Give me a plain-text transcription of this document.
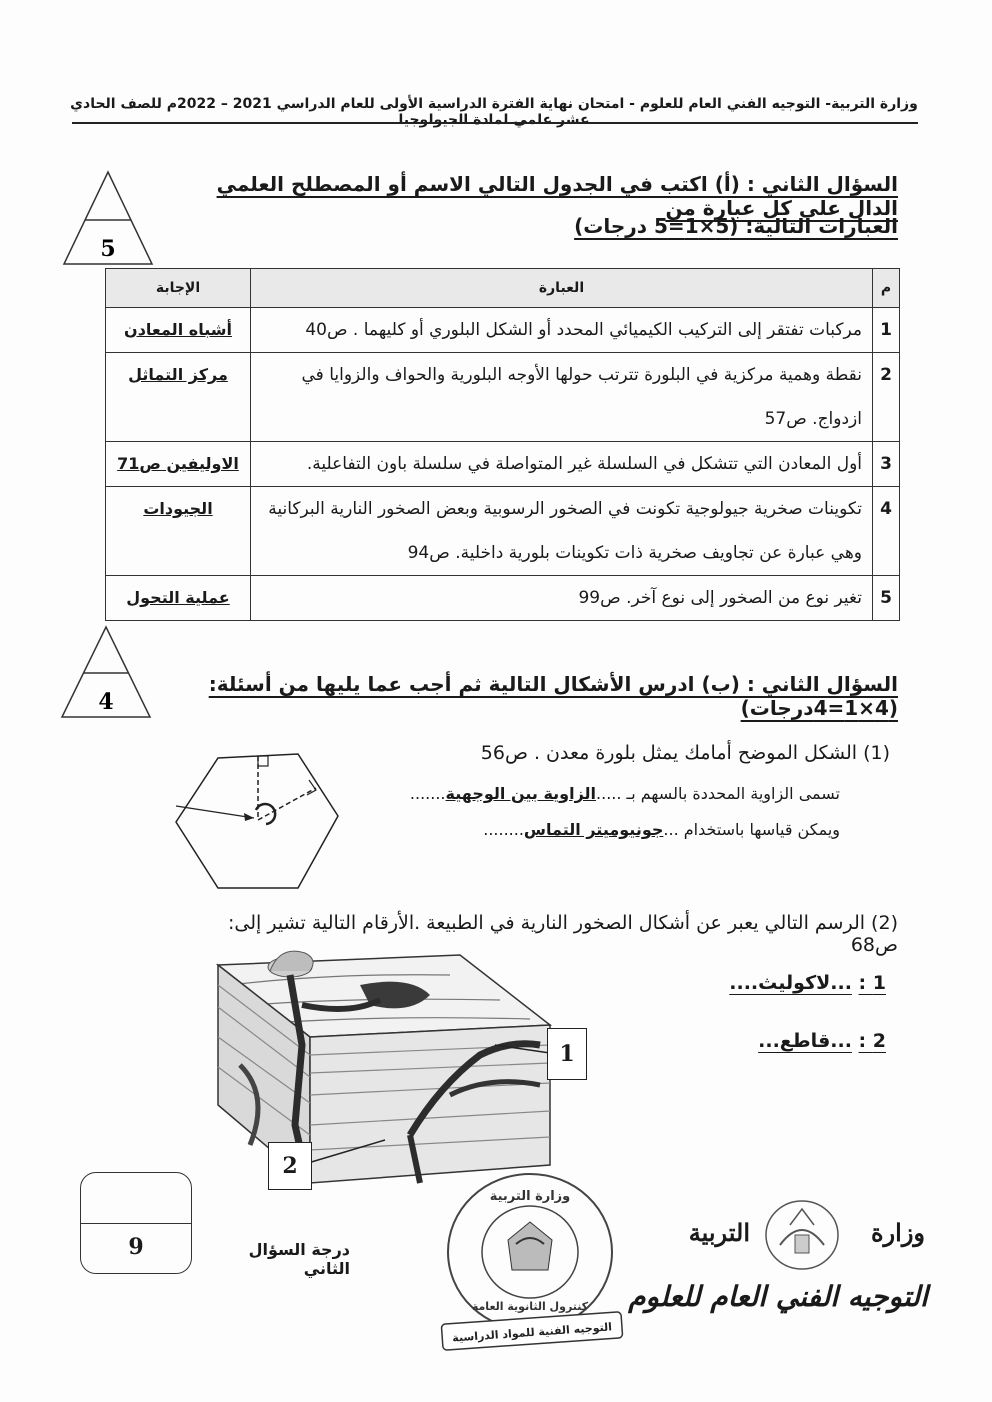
وزارة التربية- التوجيه الفني العام للعلوم - امتحان نهاية الفترة الدراسية الأولى للعام الدراسي 2021 – 2022م للصف الحادي عشر علمي لمادة الجيولوجيا
5
السؤال الثاني : (أ) اكتب في الجدول التالي الاسم أو المصطلح العلمي الدال على كل عبارة من
العبارات التالية: (5×1=5 درجات)
م	العبارة	الإجابة
1	مركبات تفتقر إلى التركيب الكيميائي المحدد أو الشكل البلوري أو كليهما . ص40	أشباه المعادن
2	نقطة وهمية مركزية في البلورة تترتب حولها الأوجه البلورية والحواف والزوايا في ازدواج. ص57	مركز التماثل
3	أول المعادن التي تتشكل في السلسلة غير المتواصلة في سلسلة باون التفاعلية.	الاوليفين ص71
4	تكوينات صخرية جيولوجية تكونت في الصخور الرسوبية وبعض الصخور النارية البركانية وهي عبارة عن تجاويف صخرية ذات تكوينات بلورية داخلية. ص94	الجيودات
5	تغير نوع من الصخور إلى نوع آخر. ص99	عملية التحول
4
السؤال الثاني : (ب) ادرس الأشكال التالية ثم أجب عما يليها من أسئلة: (4×1=4درجات)
(1) الشكل الموضح أمامك يمثل بلورة معدن . ص56
تسمى الزاوية المحددة بالسهم بـ .....الزاوية بين الوجهية.......
ويمكن قياسها باستخدام ...جونيوميتر التماس........
(2) الرسم التالي يعبر عن أشكال الصخور النارية في الطبيعة .الأرقام التالية تشير إلى: ص68
1 : ...لاكوليث....
2 : ...قاطع...
1
2
9	درجة السؤال الثاني
وزارة التربية
كنترول الثانوية العامة
التوجيه الفنية للمواد الدراسية
وزارة
التربية
التوجيه الفني العام للعلوم
